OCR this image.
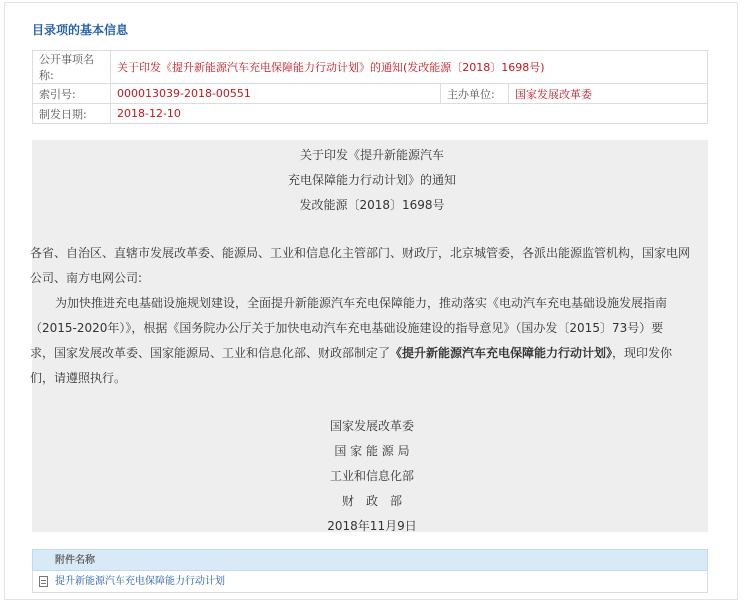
目录项的基本信息
公开事项名称:	关于印发《提升新能源汽车充电保障能力行动计划》的通知(发改能源〔2018〕1698号)		
索引号:	000013039-2018-00551	主办单位:	国家发展改革委
制发日期:	2018-12-10		
关于印发《提升新能源汽车
充电保障能力行动计划》的通知
发改能源〔2018〕1698号
各省、自治区、直辖市发展改革委、能源局、工业和信息化主管部门、财政厅，北京城管委，各派出能源监管机构，国家电网
公司、南方电网公司:
为加快推进充电基础设施规划建设，全面提升新能源汽车充电保障能力，推动落实《电动汽车充电基础设施发展指南
（2015-2020年）》，根据《国务院办公厅关于加快电动汽车充电基础设施建设的指导意见》（国办发〔2015〕73号）要
求，国家发展改革委、国家能源局、工业和信息化部、财政部制定了《提升新能源汽车充电保障能力行动计划》，现印发你
们，请遵照执行。
国家发展改革委
国 家 能 源 局
工业和信息化部
财　政　部
2018年11月9日
附件名称
提升新能源汽车充电保障能力行动计划
